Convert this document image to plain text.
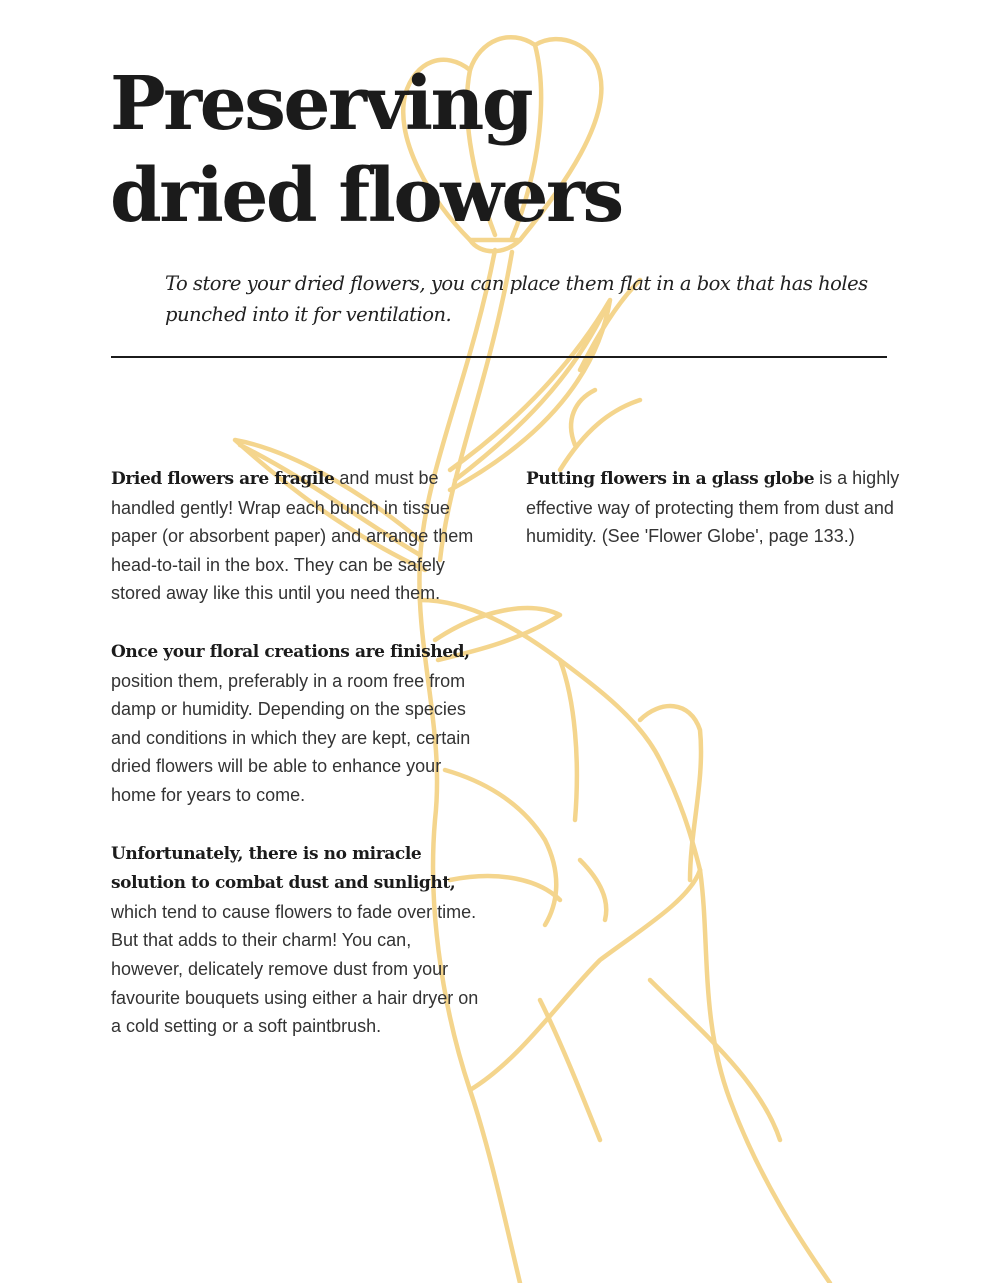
Preserving
dried flowers

To store your dried flowers, you can place them flat in a box that has holes punched into it for ventilation.

Dried flowers are fragile and must be handled gently! Wrap each bunch in tissue paper (or absorbent paper) and arrange them head-to-tail in the box. They can be safely stored away like this until you need them.

Once your floral creations are finished, position them, preferably in a room free from damp or humidity. Depending on the species and conditions in which they are kept, certain dried flowers will be able to enhance your home for years to come.

Unfortunately, there is no miracle solution to combat dust and sunlight, which tend to cause flowers to fade over time. But that adds to their charm! You can, however, delicately remove dust from your favourite bouquets using either a hair dryer on a cold setting or a soft paintbrush.

Putting flowers in a glass globe is a highly effective way of protecting them from dust and humidity. (See 'Flower Globe', page 133.)
